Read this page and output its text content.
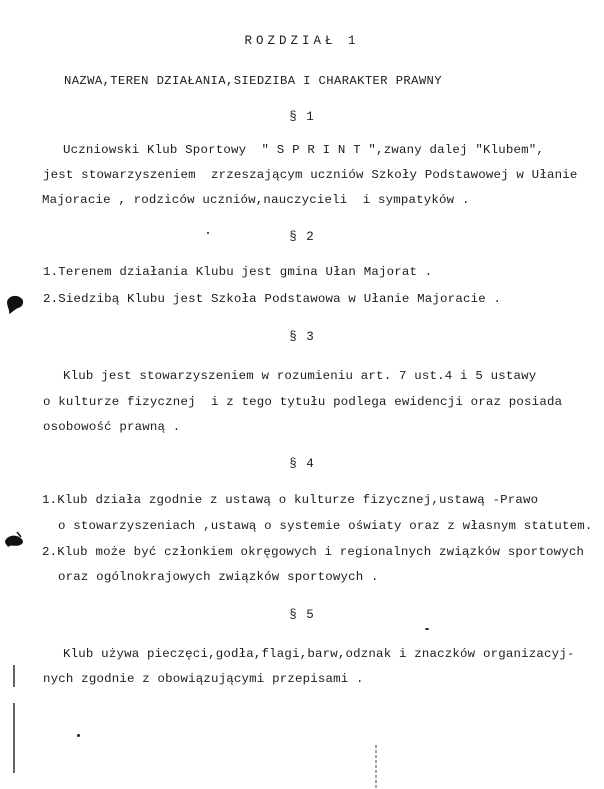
ROZDZIAŁ 1
NAZWA,TEREN DZIAŁANIA,SIEDZIBA I CHARAKTER PRAWNY
§ 1
Uczniowski Klub Sportowy  " S P R I N T ",zwany dalej "Klubem",
jest stowarzyszeniem  zrzeszającym uczniów Szkoły Podstawowej w Ułanie
Majoracie , rodziców uczniów,nauczycieli  i sympatyków .
§ 2
1.Terenem działania Klubu jest gmina Ułan Majorat .
2.Siedzibą Klubu jest Szkoła Podstawowa w Ułanie Majoracie .
§ 3
Klub jest stowarzyszeniem w rozumieniu art. 7 ust.4 i 5 ustawy
o kulturze fizycznej  i z tego tytułu podlega ewidencji oraz posiada
osobowość prawną .
§ 4
1.Klub działa zgodnie z ustawą o kulturze fizycznej,ustawą -Prawo
o stowarzyszeniach ,ustawą o systemie oświaty oraz z własnym statutem.
2.Klub może być członkiem okręgowych i regionalnych związków sportowych
oraz ogólnokrajowych związków sportowych .
§ 5
Klub używa pieczęci,godła,flagi,barw,odznak i znaczków organizacyj-
nych zgodnie z obowiązującymi przepisami .
